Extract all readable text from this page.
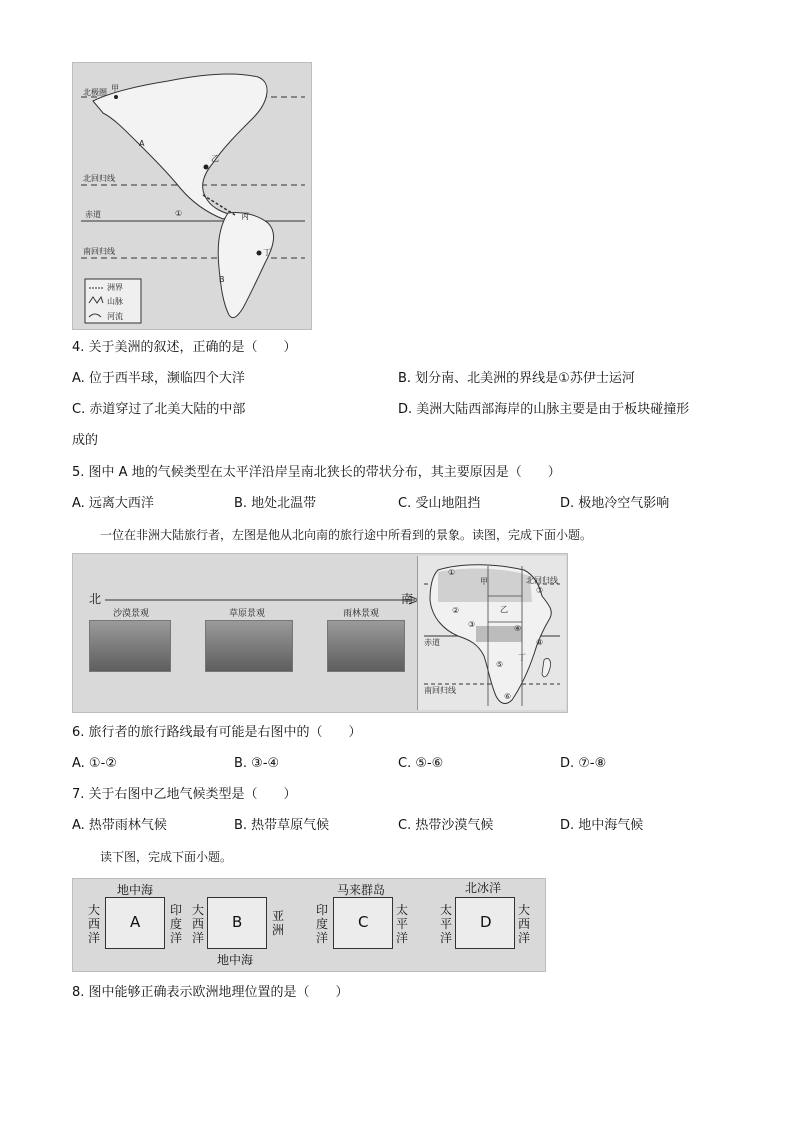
甲
北极圈
A
乙
北回归线
赤道	①	丙
南回归线	丁
B
洲界
山脉
河流
4. 关于美洲的叙述，正确的是（　　）
A. 位于西半球，濒临四个大洋	B. 划分南、北美洲的界线是①苏伊士运河
C. 赤道穿过了北美大陆的中部	D. 美洲大陆西部海岸的山脉主要是由于板块碰撞形
成的
5. 图中 A 地的气候类型在太平洋沿岸呈南北狭长的带状分布，其主要原因是（　　）
A. 远离大西洋	B. 地处北温带	C. 受山地阻挡	D. 极地冷空气影响
一位在非洲大陆旅行者，左图是他从北向南的旅行途中所看到的景象。读图，完成下面小题。
北	南
沙漠景观	草原景观	雨林景观
①
甲	北回归线
⑦
②	乙
③	④
赤道	⑧
丁
⑤
南回归线
⑥
6. 旅行者的旅行路线最有可能是右图中的（　　）
A. ①-②	B. ③-④	C. ⑤-⑥	D. ⑦-⑧
7. 关于右图中乙地气候类型是（　　）
A. 热带雨林气候	B. 热带草原气候	C. 热带沙漠气候	D. 地中海气候
读下图，完成下面小题。
地中海
大西洋
A
印度洋
大西洋
B 亚洲
地中海
马来群岛
印度洋
C
太平洋
北冰洋
太平洋
D
大西洋
8. 图中能够正确表示欧洲地理位置的是（　　）
